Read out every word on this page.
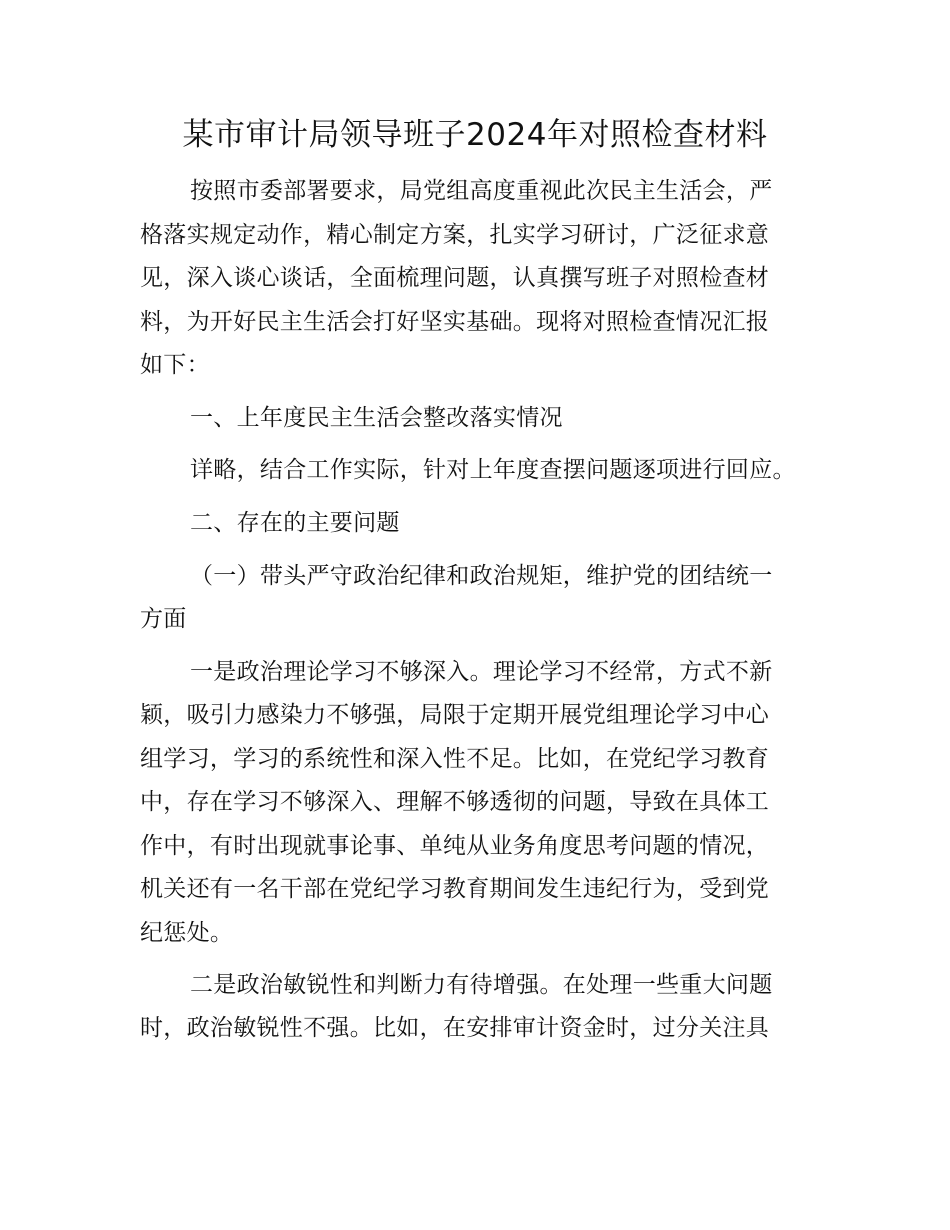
某市审计局领导班子2024年对照检查材料
按照市委部署要求，局党组高度重视此次民主生活会，严
格落实规定动作，精心制定方案，扎实学习研讨，广泛征求意
见，深入谈心谈话，全面梳理问题，认真撰写班子对照检查材
料，为开好民主生活会打好坚实基础。现将对照检查情况汇报
如下：
一、上年度民主生活会整改落实情况
详略，结合工作实际，针对上年度查摆问题逐项进行回应。
二、存在的主要问题
（一）带头严守政治纪律和政治规矩，维护党的团结统一
方面
一是政治理论学习不够深入。理论学习不经常，方式不新
颖，吸引力感染力不够强，局限于定期开展党组理论学习中心
组学习，学习的系统性和深入性不足。比如，在党纪学习教育
中，存在学习不够深入、理解不够透彻的问题，导致在具体工
作中，有时出现就事论事、单纯从业务角度思考问题的情况，
机关还有一名干部在党纪学习教育期间发生违纪行为，受到党
纪惩处。
二是政治敏锐性和判断力有待增强。在处理一些重大问题
时，政治敏锐性不强。比如，在安排审计资金时，过分关注具
